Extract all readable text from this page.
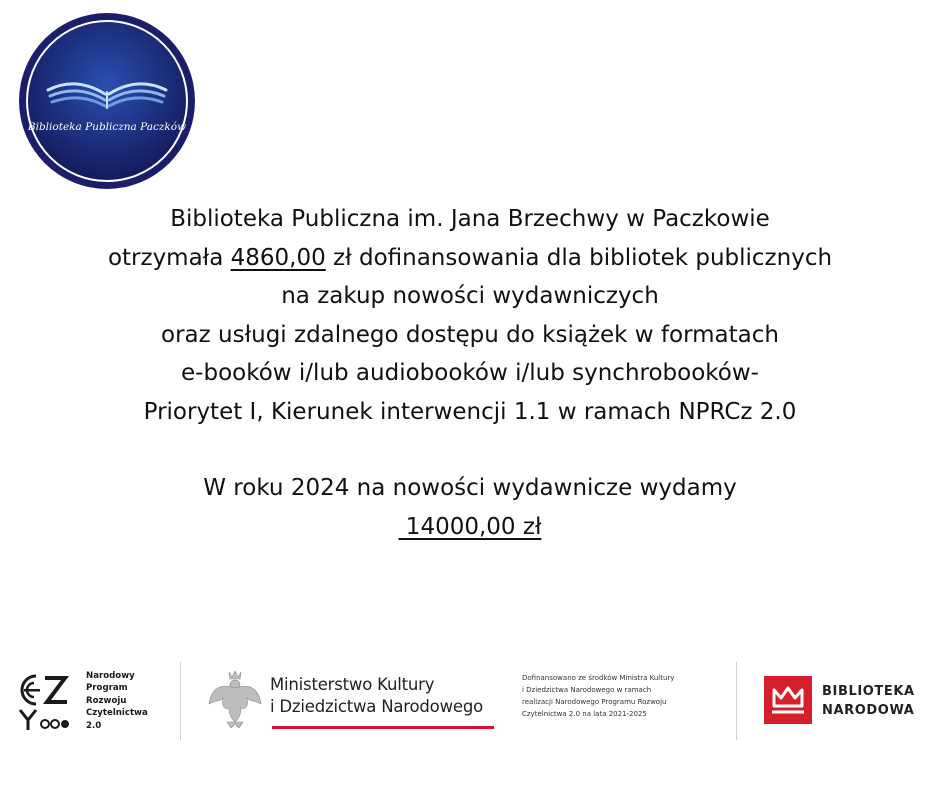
Biblioteka Publiczna Paczków
Biblioteka Publiczna im. Jana Brzechwy w Paczkowie
otrzymała 4860,00 zł dofinansowania dla bibliotek publicznych
na zakup nowości wydawniczych
oraz usługi zdalnego dostępu do książek w formatach
e-booków i/lub audiobooków i/lub synchrobooków-
Priorytet I, Kierunek interwencji 1.1 w ramach NPRCz 2.0
W roku 2024 na nowości wydawnicze wydamy
14000,00 zł
Narodowy
Program
Rozwoju
Czytelnictwa
2.0
Ministerstwo Kultury
i Dziedzictwa Narodowego
Dofinansowano ze środków Ministra Kultury
i Dziedzictwa Narodowego w ramach
realizacji Narodowego Programu Rozwoju
Czytelnictwa 2.0 na lata 2021-2025
BIBLIOTEKA
NARODOWA
